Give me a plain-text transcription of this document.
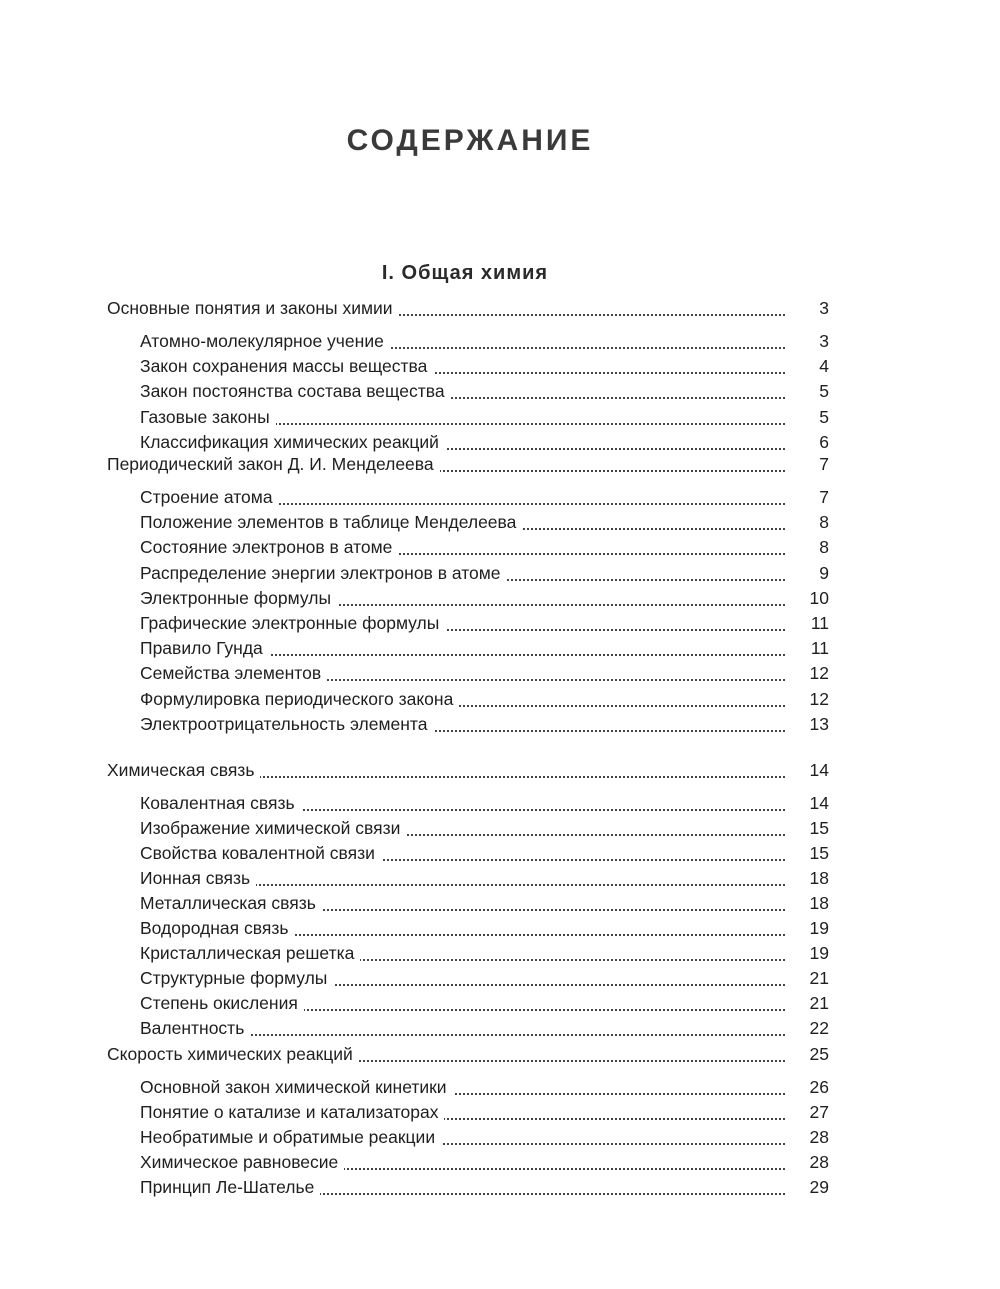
СОДЕРЖАНИЕ
I. Общая химия
Основные понятия и законы химии	3
Атомно-молекулярное учение	3
Закон сохранения массы вещества	4
Закон постоянства состава вещества	5
Газовые законы	5
Классификация химических реакций	6
Периодический закон Д. И. Менделеева	7
Строение атома	7
Положение элементов в таблице Менделеева	8
Состояние электронов в атоме	8
Распределение энергии электронов в атоме	9
Электронные формулы	10
Графические электронные формулы	11
Правило Гунда	11
Семейства элементов	12
Формулировка периодического закона	12
Электроотрицательность элемента	13
Химическая связь	14
Ковалентная связь	14
Изображение химической связи	15
Свойства ковалентной связи	15
Ионная связь	18
Металлическая связь	18
Водородная связь	19
Кристаллическая решетка	19
Структурные формулы	21
Степень окисления	21
Валентность	22
Скорость химических реакций	25
Основной закон химической кинетики	26
Понятие о катализе и катализаторах	27
Необратимые и обратимые реакции	28
Химическое равновесие	28
Принцип Ле-Шателье	29
